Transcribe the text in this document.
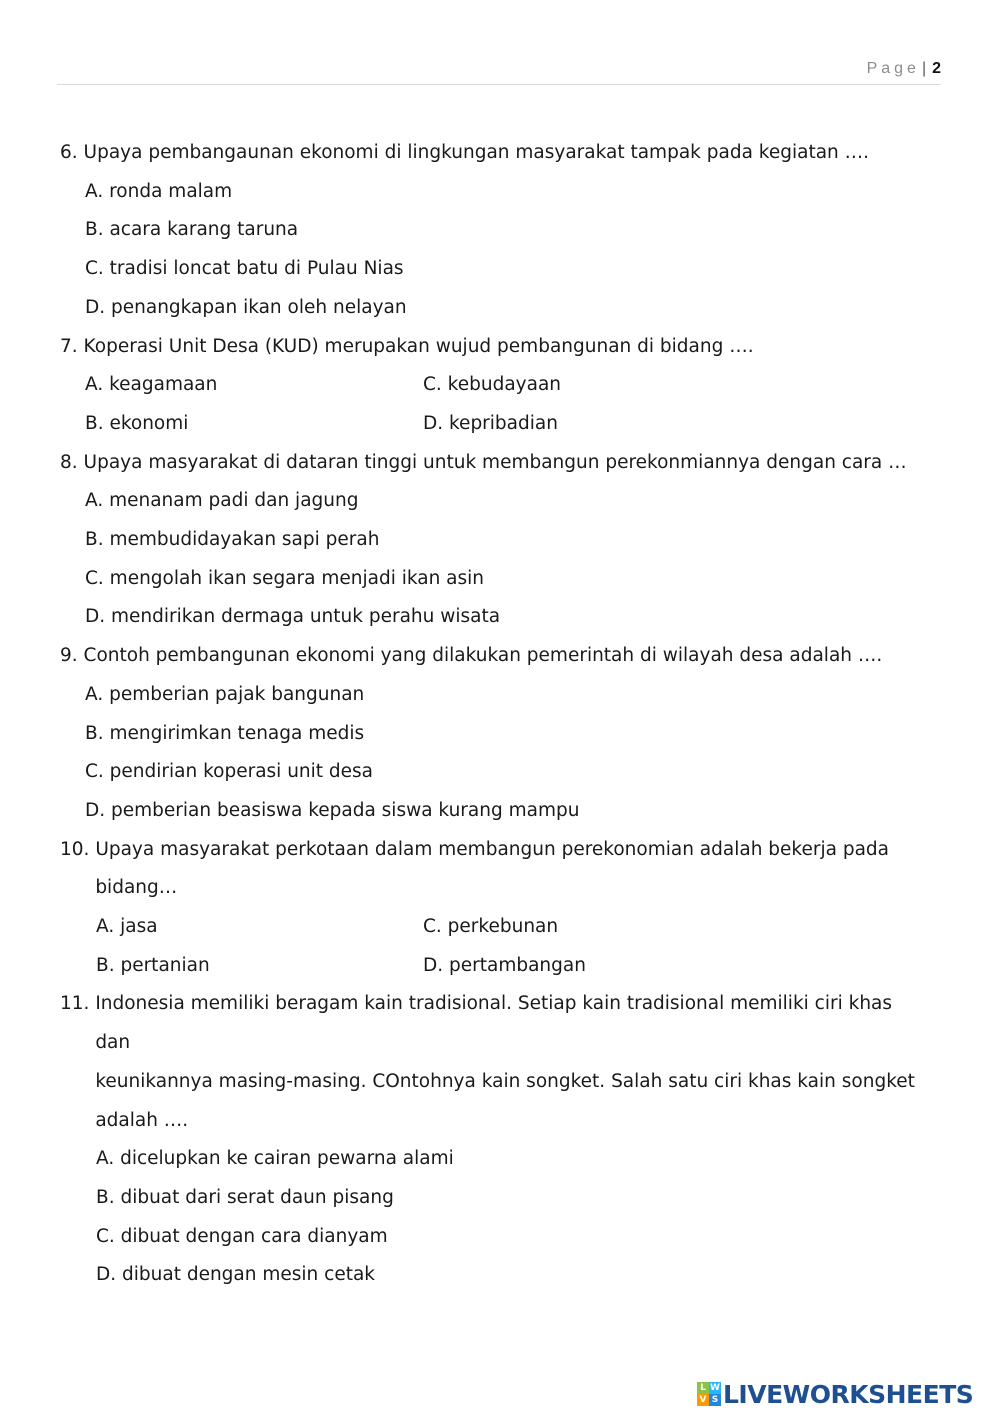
Page | 2
6.
Upaya pembangaunan ekonomi di lingkungan masyarakat tampak pada kegiatan ….
A. ronda malam
B. acara karang taruna
C. tradisi loncat batu di Pulau Nias
D. penangkapan ikan oleh nelayan
7.
Koperasi Unit Desa (KUD) merupakan wujud pembangunan di bidang ….
A. keagamaan	C. kebudayaan
B. ekonomi	D. kepribadian
8.
Upaya masyarakat di dataran tinggi untuk membangun perekonmiannya dengan cara …
A. menanam padi dan jagung
B. membudidayakan sapi perah
C. mengolah ikan segara menjadi ikan asin
D. mendirikan dermaga untuk perahu wisata
9.
Contoh pembangunan ekonomi yang dilakukan pemerintah di wilayah desa adalah ….
A. pemberian pajak bangunan
B. mengirimkan tenaga medis
C. pendirian koperasi unit desa
D. pemberian beasiswa kepada siswa kurang mampu
10.
Upaya masyarakat perkotaan dalam membangun perekonomian adalah bekerja pada
bidang…
A. jasa	C. perkebunan
B. pertanian	D. pertambangan
11.
Indonesia memiliki beragam kain tradisional. Setiap kain tradisional memiliki ciri khas dan
keunikannya masing-masing. COntohnya kain songket. Salah satu ciri khas kain songket
adalah ….
A. dicelupkan ke cairan pewarna alami
B. dibuat dari serat daun pisang
C. dibuat dengan cara dianyam
D. dibuat dengan mesin cetak
L W
V S LIVEWORKSHEETS
